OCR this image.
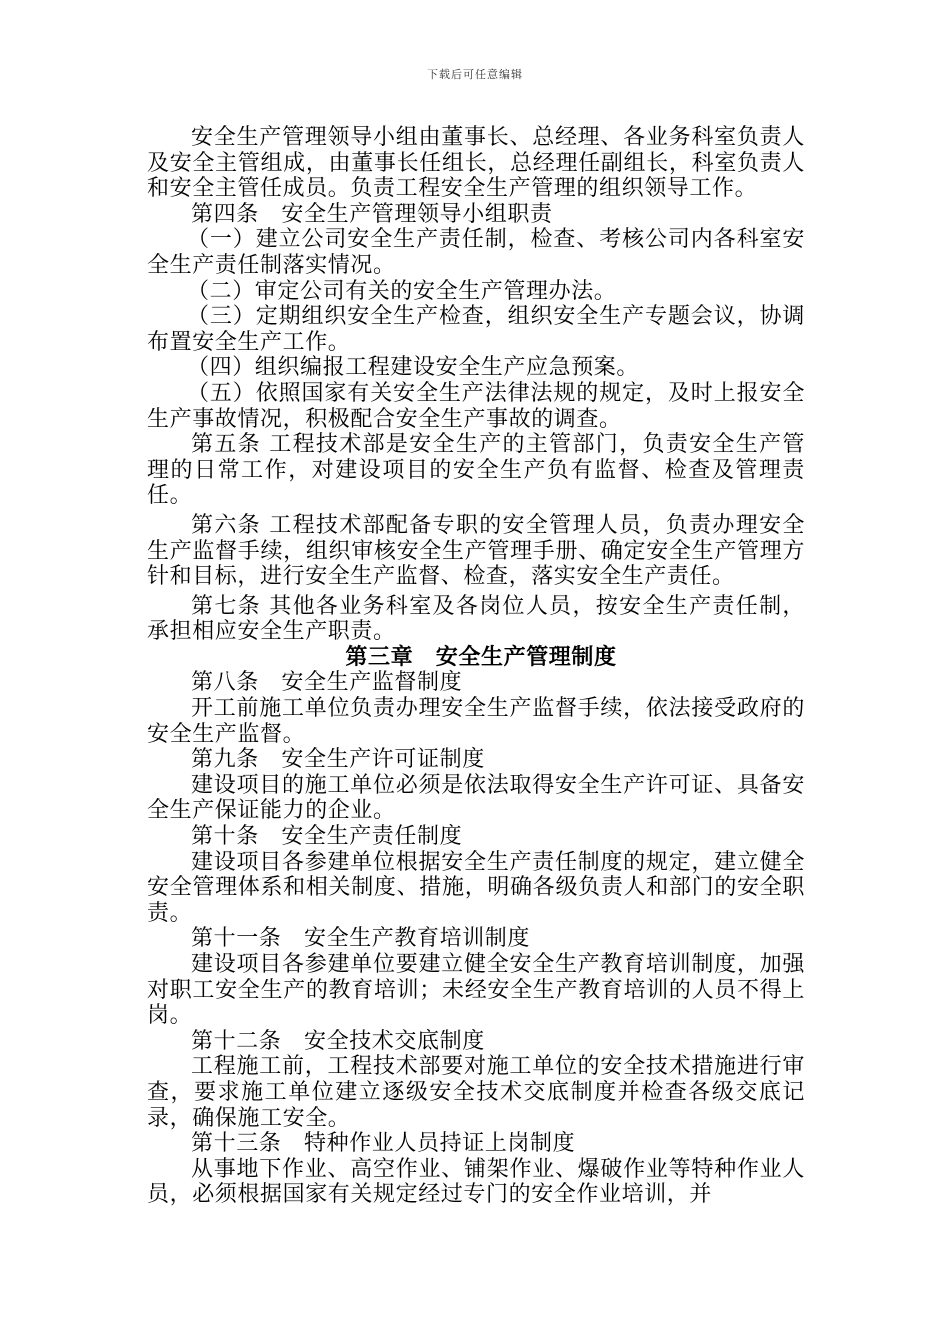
下载后可任意编辑

安全生产管理领导小组由董事长、总经理、各业务科室负责人及安全主管组成，由董事长任组长，总经理任副组长，科室负责人和安全主管任成员。负责工程安全生产管理的组织领导工作。

第四条　安全生产管理领导小组职责

（一）建立公司安全生产责任制，检查、考核公司内各科室安全生产责任制落实情况。

（二）审定公司有关的安全生产管理办法。

（三）定期组织安全生产检查，组织安全生产专题会议，协调布置安全生产工作。

（四）组织编报工程建设安全生产应急预案。

（五）依照国家有关安全生产法律法规的规定，及时上报安全生产事故情况，积极配合安全生产事故的调查。

第五条 工程技术部是安全生产的主管部门，负责安全生产管理的日常工作，对建设项目的安全生产负有监督、检查及管理责任。

第六条 工程技术部配备专职的安全管理人员，负责办理安全生产监督手续，组织审核安全生产管理手册、确定安全生产管理方针和目标，进行安全生产监督、检查，落实安全生产责任。

第七条 其他各业务科室及各岗位人员，按安全生产责任制，承担相应安全生产职责。

第三章　安全生产管理制度

第八条　安全生产监督制度

开工前施工单位负责办理安全生产监督手续，依法接受政府的安全生产监督。

第九条　安全生产许可证制度

建设项目的施工单位必须是依法取得安全生产许可证、具备安全生产保证能力的企业。

第十条　安全生产责任制度

建设项目各参建单位根据安全生产责任制度的规定，建立健全安全管理体系和相关制度、措施，明确各级负责人和部门的安全职责。

第十一条　安全生产教育培训制度

建设项目各参建单位要建立健全安全生产教育培训制度，加强对职工安全生产的教育培训；未经安全生产教育培训的人员不得上岗。

第十二条　安全技术交底制度

工程施工前，工程技术部要对施工单位的安全技术措施进行审查，要求施工单位建立逐级安全技术交底制度并检查各级交底记录，确保施工安全。

第十三条　特种作业人员持证上岗制度

从事地下作业、高空作业、铺架作业、爆破作业等特种作业人员，必须根据国家有关规定经过专门的安全作业培训，并
